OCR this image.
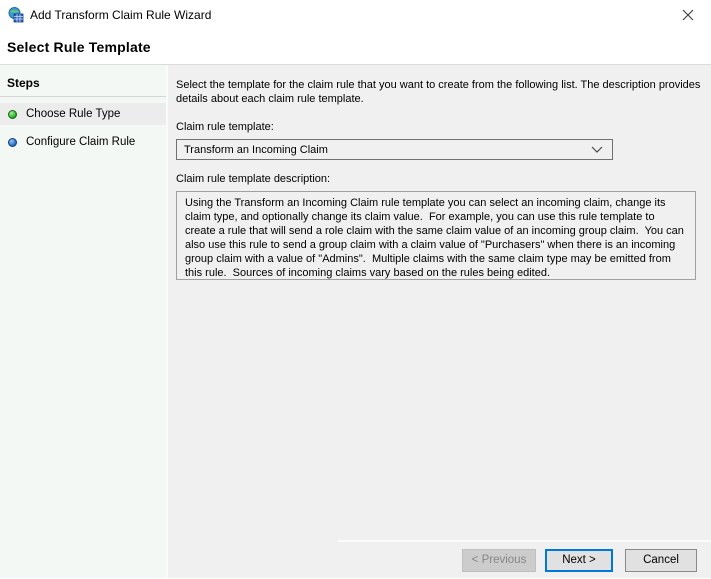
Add Transform Claim Rule Wizard
Select Rule Template
Steps
Choose Rule Type
Configure Claim Rule
Select the template for the claim rule that you want to create from the following list. The description provides details about each claim rule template.
Claim rule template:
Transform an Incoming Claim
Claim rule template description:
Using the Transform an Incoming Claim rule template you can select an incoming claim, change its claim type, and optionally change its claim value.  For example, you can use this rule template to create a rule that will send a role claim with the same claim value of an incoming group claim.  You can also use this rule to send a group claim with a claim value of "Purchasers" when there is an incoming group claim with a value of "Admins".  Multiple claims with the same claim type may be emitted from this rule.  Sources of incoming claims vary based on the rules being edited.
< Previous	Next >	Cancel
